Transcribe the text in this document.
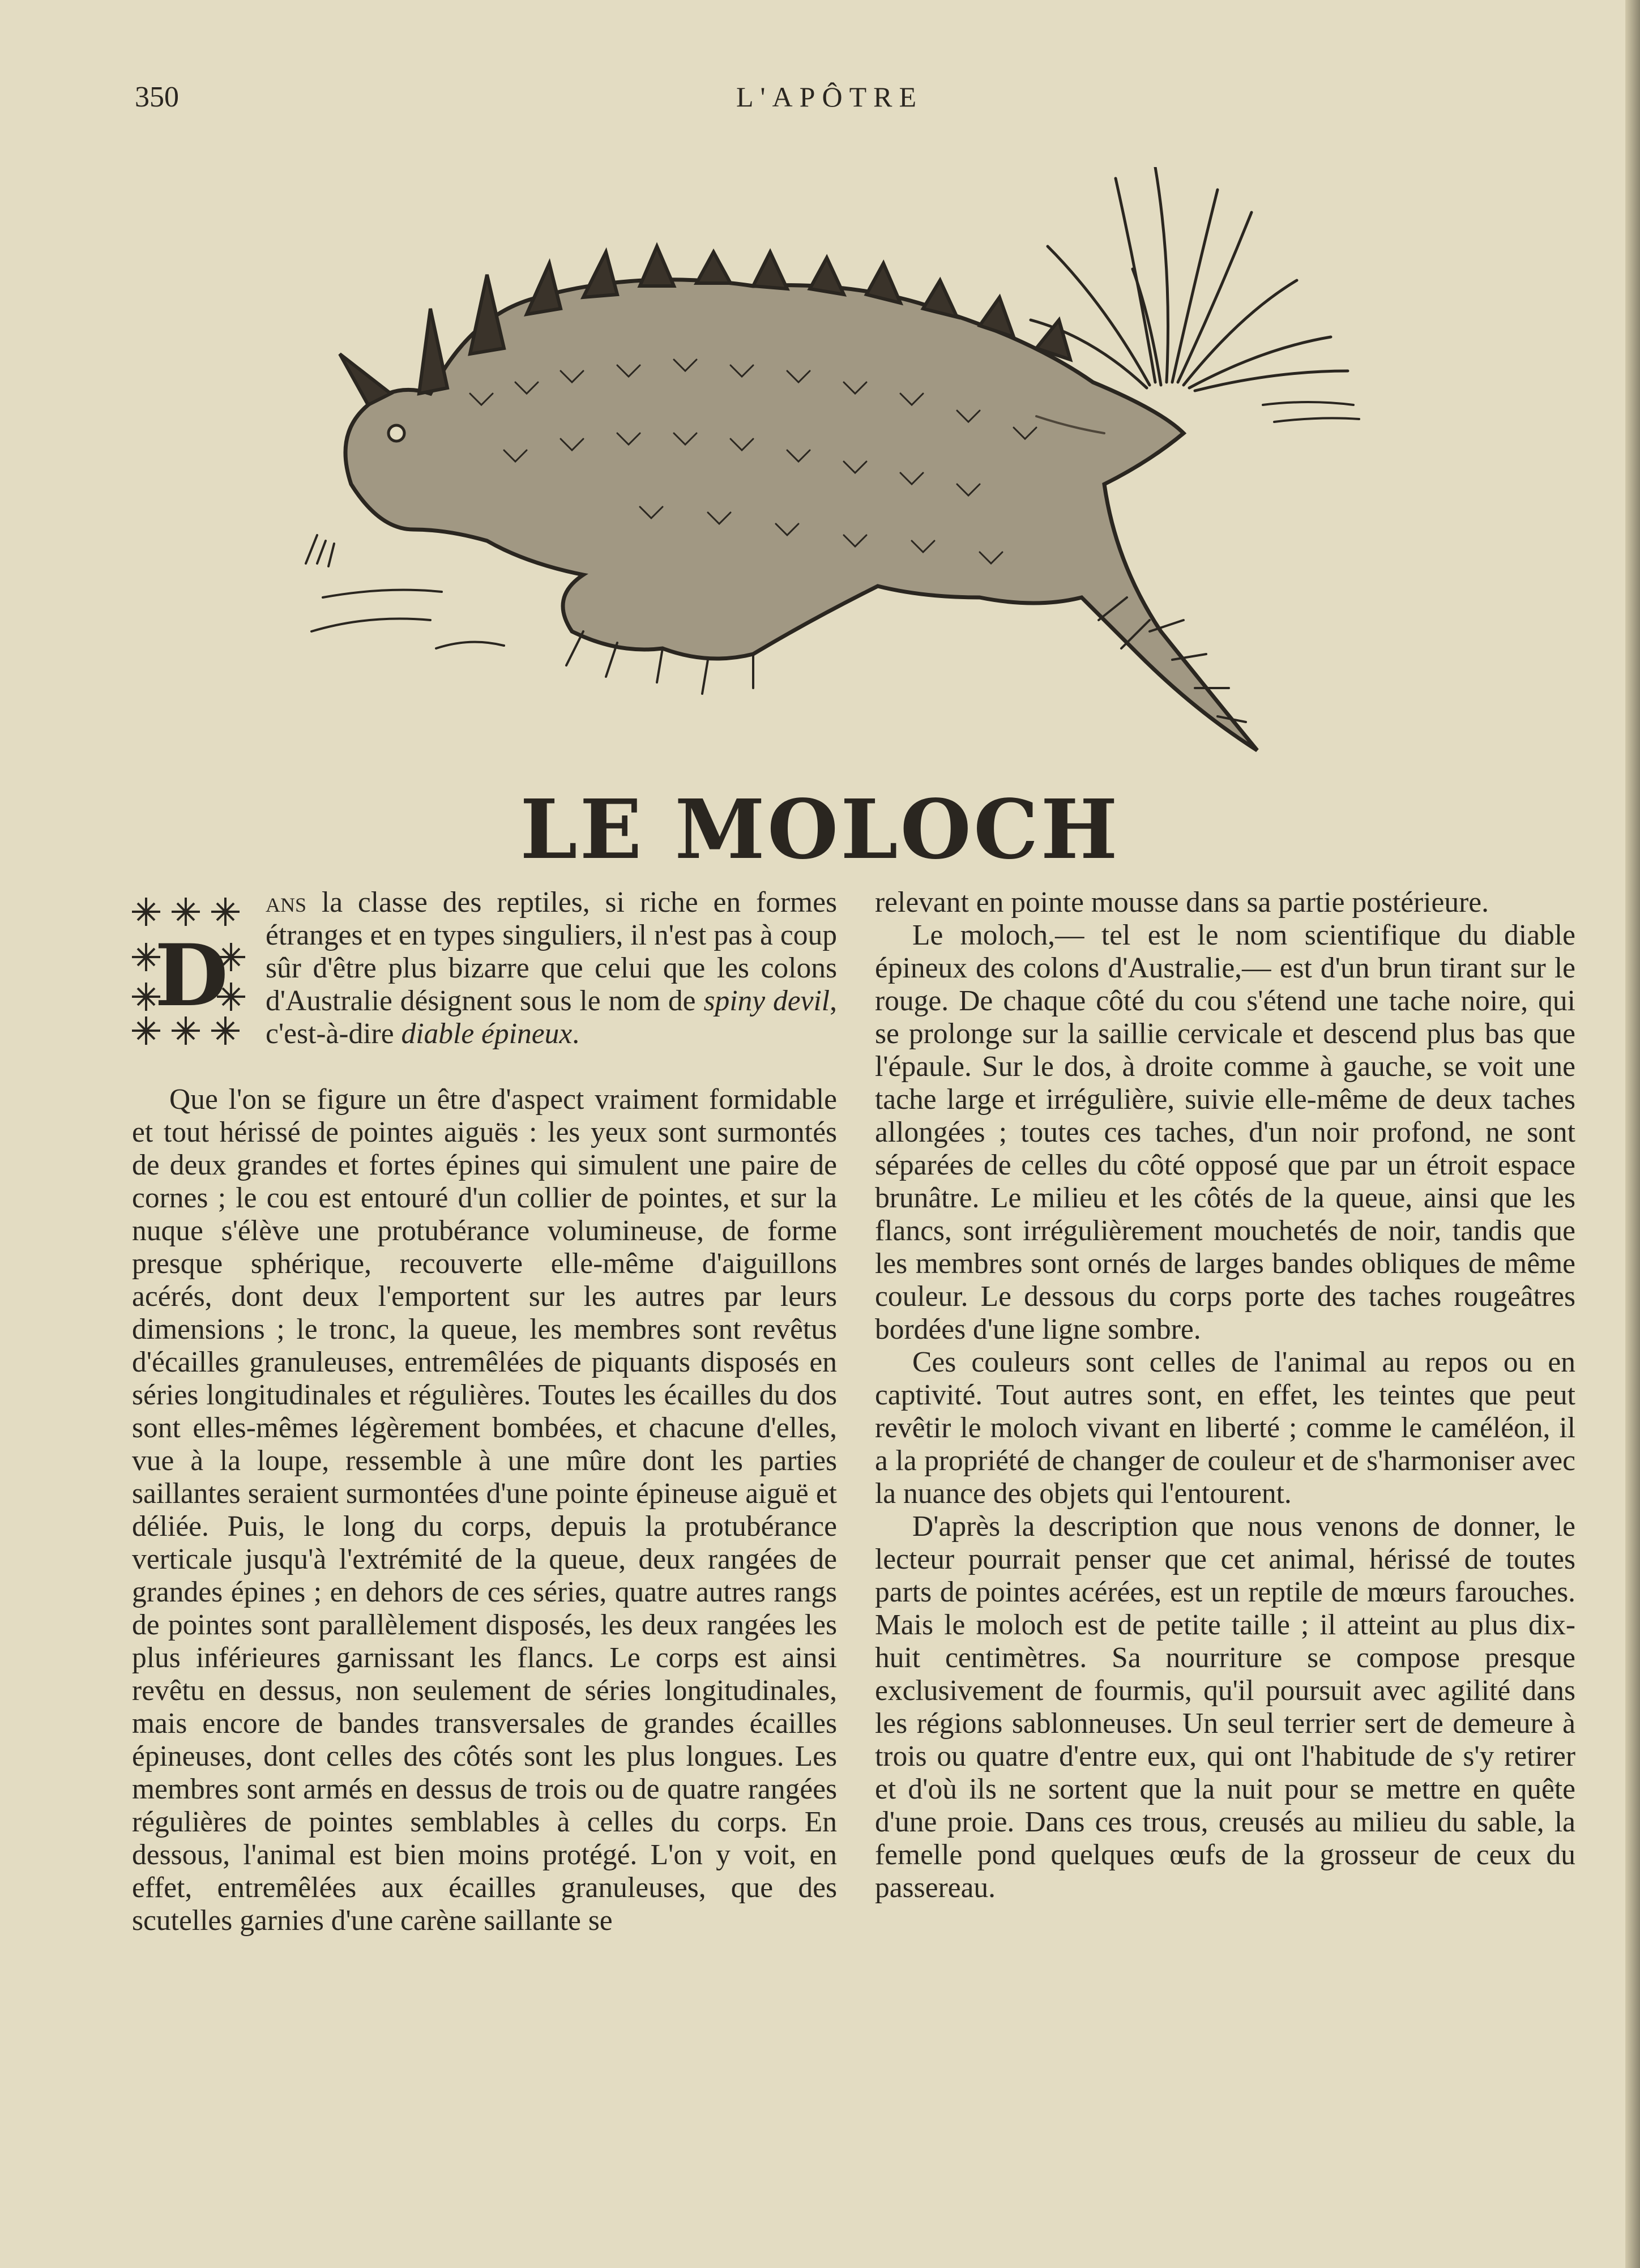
350	L'APÔTRE
LE MOLOCH

D
ans la classe des reptiles, si riche en formes étranges et en types singuliers, il n'est pas à coup sûr d'être plus bizarre que celui que les colons d'Australie désignent sous le nom de spiny devil, c'est-à-dire diable épineux.

Que l'on se figure un être d'aspect vraiment formidable et tout hérissé de pointes aiguës : les yeux sont surmontés de deux grandes et fortes épines qui simulent une paire de cornes ; le cou est entouré d'un collier de pointes, et sur la nuque s'élève une protubérance volumineuse, de forme presque sphérique, recouverte elle-même d'aiguillons acérés, dont deux l'emportent sur les autres par leurs dimensions ; le tronc, la queue, les membres sont revêtus d'écailles granuleuses, entremêlées de piquants disposés en séries longitudinales et régulières. Toutes les écailles du dos sont elles-mêmes légèrement bombées, et chacune d'elles, vue à la loupe, ressemble à une mûre dont les parties saillantes seraient surmontées d'une pointe épineuse aiguë et déliée. Puis, le long du corps, depuis la protubérance verticale jusqu'à l'extrémité de la queue, deux rangées de grandes épines ; en dehors de ces séries, quatre autres rangs de pointes sont parallèlement disposés, les deux rangées les plus inférieures garnissant les flancs. Le corps est ainsi revêtu en dessus, non seulement de séries longitudinales, mais encore de bandes transversales de grandes écailles épineuses, dont celles des côtés sont les plus longues. Les membres sont armés en dessus de trois ou de quatre rangées régulières de pointes semblables à celles du corps. En dessous, l'animal est bien moins protégé. L'on y voit, en effet, entremêlées aux écailles granuleuses, que des scutelles garnies d'une carène saillante se

relevant en pointe mousse dans sa partie postérieure.

Le moloch,— tel est le nom scientifique du diable épineux des colons d'Australie,— est d'un brun tirant sur le rouge. De chaque côté du cou s'étend une tache noire, qui se prolonge sur la saillie cervicale et descend plus bas que l'épaule. Sur le dos, à droite comme à gauche, se voit une tache large et irrégulière, suivie elle-même de deux taches allongées ; toutes ces taches, d'un noir profond, ne sont séparées de celles du côté opposé que par un étroit espace brunâtre. Le milieu et les côtés de la queue, ainsi que les flancs, sont irrégulièrement mouchetés de noir, tandis que les membres sont ornés de larges bandes obliques de même couleur. Le dessous du corps porte des taches rougeâtres bordées d'une ligne sombre.

Ces couleurs sont celles de l'animal au repos ou en captivité. Tout autres sont, en effet, les teintes que peut revêtir le moloch vivant en liberté ; comme le caméléon, il a la propriété de changer de couleur et de s'harmoniser avec la nuance des objets qui l'entourent.

D'après la description que nous venons de donner, le lecteur pourrait penser que cet animal, hérissé de toutes parts de pointes acérées, est un reptile de mœurs farouches. Mais le moloch est de petite taille ; il atteint au plus dix-huit centimètres. Sa nourriture se compose presque exclusivement de fourmis, qu'il poursuit avec agilité dans les régions sablonneuses. Un seul terrier sert de demeure à trois ou quatre d'entre eux, qui ont l'habitude de s'y retirer et d'où ils ne sortent que la nuit pour se mettre en quête d'une proie. Dans ces trous, creusés au milieu du sable, la femelle pond quelques œufs de la grosseur de ceux du passereau.
